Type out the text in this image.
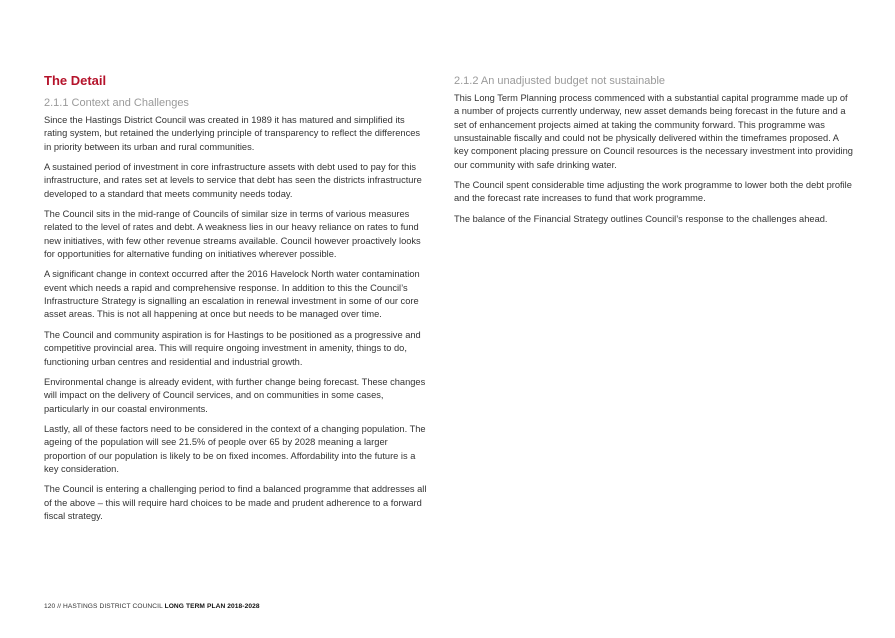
The Detail
2.1.1 Context and Challenges

Since the Hastings District Council was created in 1989 it has matured and simplified its rating system, but retained the underlying principle of transparency to reflect the differences in priority between its urban and rural communities.

A sustained period of investment in core infrastructure assets with debt used to pay for this infrastructure, and rates set at levels to service that debt has seen the districts infrastructure developed to a standard that meets community needs today.

The Council sits in the mid-range of Councils of similar size in terms of various measures related to the level of rates and debt. A weakness lies in our heavy reliance on rates to fund new initiatives, with few other revenue streams available. Council however proactively looks for opportunities for alternative funding on initiatives wherever possible.

A significant change in context occurred after the 2016 Havelock North water contamination event which needs a rapid and comprehensive response. In addition to this the Council’s Infrastructure Strategy is signalling an escalation in renewal investment in some of our core asset areas. This is not all happening at once but needs to be managed over time.

The Council and community aspiration is for Hastings to be positioned as a progressive and competitive provincial area. This will require ongoing investment in amenity, things to do, functioning urban centres and residential and industrial growth.

Environmental change is already evident, with further change being forecast. These changes will impact on the delivery of Council services, and on communities in some cases, particularly in our coastal environments.

Lastly, all of these factors need to be considered in the context of a changing population. The ageing of the population will see 21.5% of people over 65 by 2028 meaning a larger proportion of our population is likely to be on fixed incomes. Affordability into the future is a key consideration.

The Council is entering a challenging period to find a balanced programme that addresses all of the above – this will require hard choices to be made and prudent adherence to a forward fiscal strategy.

2.1.2 An unadjusted budget not sustainable

This Long Term Planning process commenced with a substantial capital programme made up of a number of projects currently underway, new asset demands being forecast in the future and a set of enhancement projects aimed at taking the community forward. This programme was unsustainable fiscally and could not be physically delivered within the timeframes proposed. A key component placing pressure on Council resources is the necessary investment into providing our community with safe drinking water.

The Council spent considerable time adjusting the work programme to lower both the debt profile and the forecast rate increases to fund that work programme.

The balance of the Financial Strategy outlines Council’s response to the challenges ahead.

120 // HASTINGS DISTRICT COUNCIL LONG TERM PLAN 2018-2028
